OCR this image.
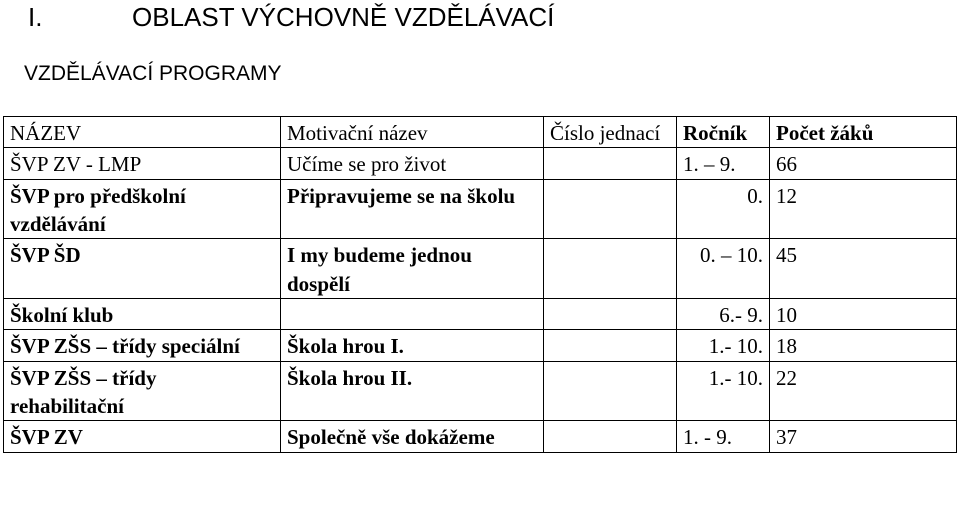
I.	OBLAST VÝCHOVNĚ VZDĚLÁVACÍ
VZDĚLÁVACÍ PROGRAMY
NÁZEV	Motivační název	Číslo jednací	Ročník	Počet žáků
ŠVP ZV - LMP	Učíme se pro život		1. – 9.	66
ŠVP pro předškolní vzdělávání	Připravujeme se na školu		0.	12
ŠVP ŠD	I my budeme jednou dospělí		0. – 10.	45
Školní klub			6.- 9.	10
ŠVP ZŠS – třídy speciální	Škola hrou I.		1.- 10.	18
ŠVP ZŠS – třídy rehabilitační	Škola hrou II.		1.- 10.	22
ŠVP ZV	Společně vše dokážeme		1. - 9.	37
